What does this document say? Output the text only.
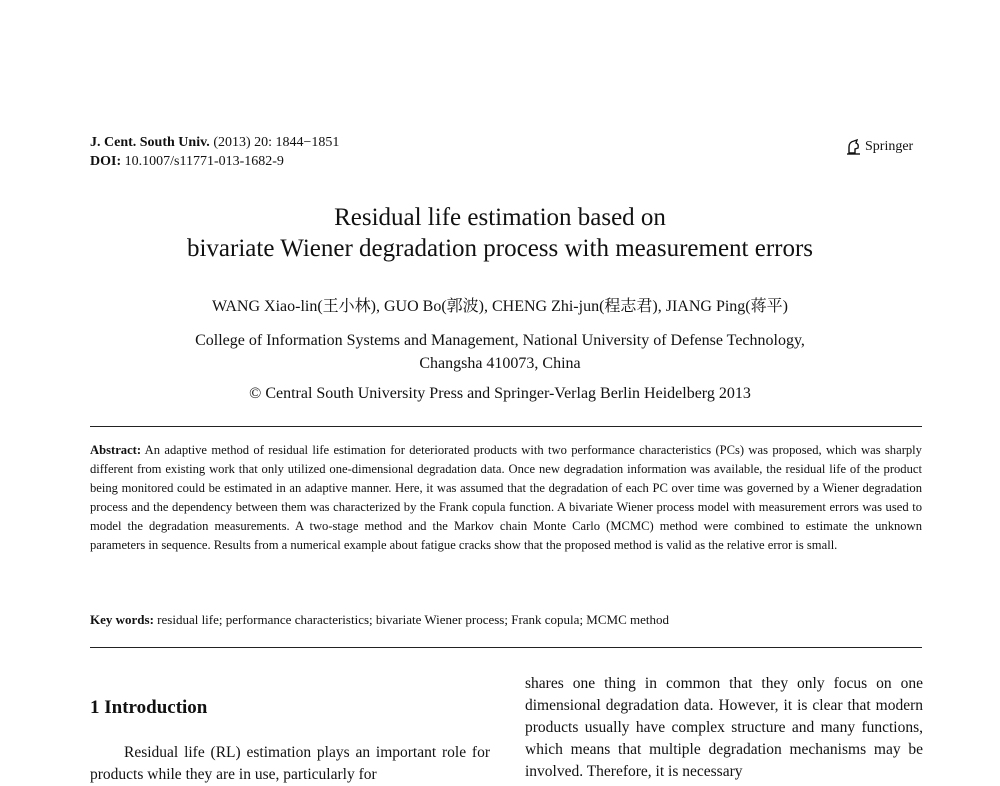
J. Cent. South Univ. (2013) 20: 1844−1851
DOI: 10.1007/s11771-013-1682-9
Springer
Residual life estimation based on
bivariate Wiener degradation process with measurement errors
WANG Xiao-lin(王小林), GUO Bo(郭波), CHENG Zhi-jun(程志君), JIANG Ping(蒋平)
College of Information Systems and Management, National University of Defense Technology,
Changsha 410073, China
© Central South University Press and Springer-Verlag Berlin Heidelberg 2013
Abstract: An adaptive method of residual life estimation for deteriorated products with two performance characteristics (PCs) was proposed, which was sharply different from existing work that only utilized one-dimensional degradation data. Once new degradation information was available, the residual life of the product being monitored could be estimated in an adaptive manner. Here, it was assumed that the degradation of each PC over time was governed by a Wiener degradation process and the dependency between them was characterized by the Frank copula function. A bivariate Wiener process model with measurement errors was used to model the degradation measurements. A two-stage method and the Markov chain Monte Carlo (MCMC) method were combined to estimate the unknown parameters in sequence. Results from a numerical example about fatigue cracks show that the proposed method is valid as the relative error is small.
Key words: residual life; performance characteristics; bivariate Wiener process; Frank copula; MCMC method
1 Introduction
Residual life (RL) estimation plays an important role for products while they are in use, particularly for
shares one thing in common that they only focus on one dimensional degradation data. However, it is clear that modern products usually have complex structure and many functions, which means that multiple degradation mechanisms may be involved. Therefore, it is necessary
